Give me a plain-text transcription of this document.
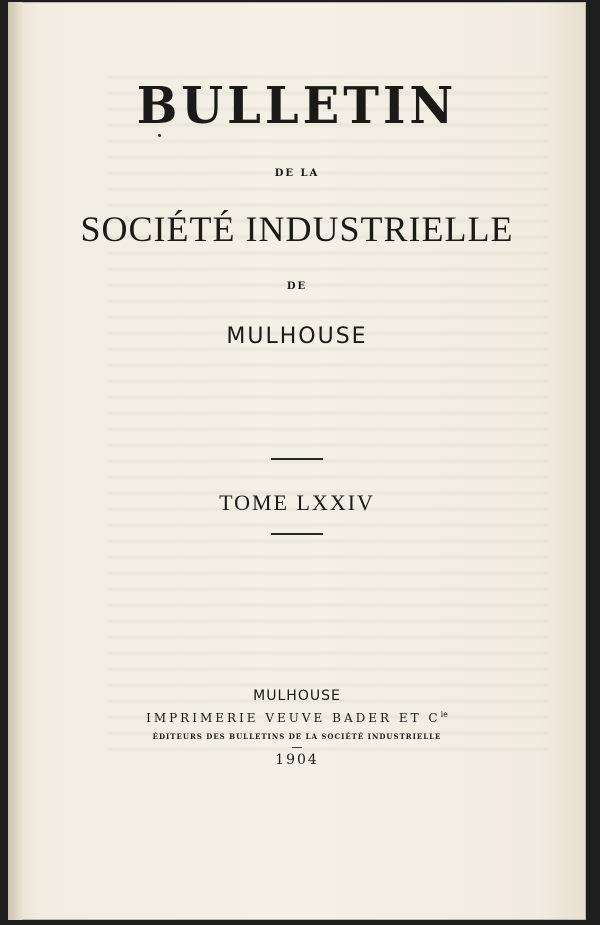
BULLETIN
DE LA
SOCIÉTÉ INDUSTRIELLE
DE
MULHOUSE
TOME LXXIV
MULHOUSE
IMPRIMERIE VEUVE BADER ET $C^{ie}$
ÉDITEURS DES BULLETINS DE LA SOCIÉTÉ INDUSTRIELLE
1904
